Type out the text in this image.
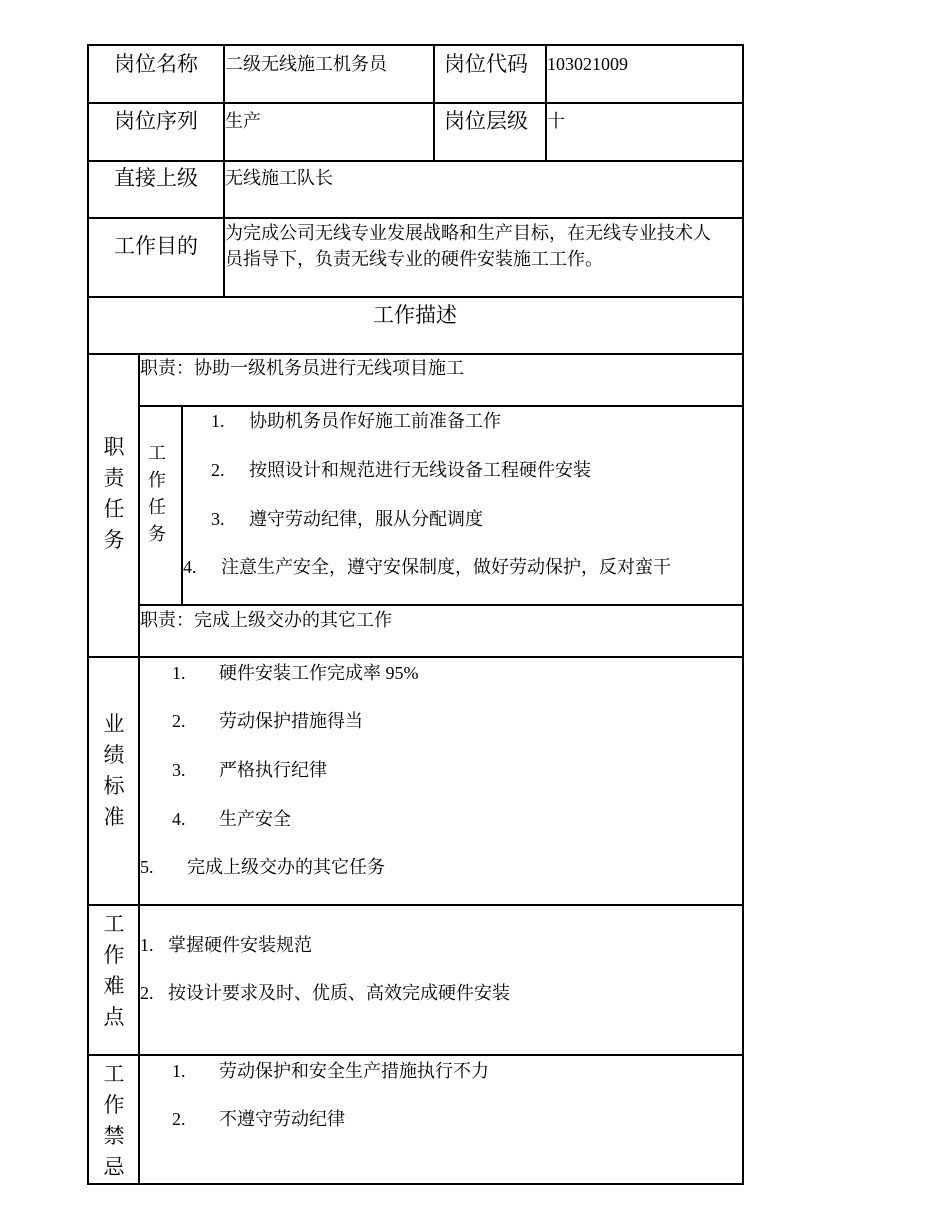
岗位名称 二级无线施工机务员	岗位代码 103021009
岗位序列 生产	岗位层级 十
直接上级 无线施工队长
工作目的
为完成公司无线专业发展战略和生产目标，在无线专业技术人
员指导下，负责无线专业的硬件安装施工工作。
工作描述
职
责
任
务
职责：协助一级机务员进行无线项目施工
工
作
任
务
1. 协助机务员作好施工前准备工作
2. 按照设计和规范进行无线设备工程硬件安装
3. 遵守劳动纪律，服从分配调度
4. 注意生产安全，遵守安保制度，做好劳动保护，反对蛮干
职责：完成上级交办的其它工作
业
绩
标
准
1. 硬件安装工作完成率 95%
2. 劳动保护措施得当
3. 严格执行纪律
4. 生产安全
5. 完成上级交办的其它任务
工
作
难
点
1. 掌握硬件安装规范
2. 按设计要求及时、优质、高效完成硬件安装
工
作
禁
忌
1. 劳动保护和安全生产措施执行不力
2. 不遵守劳动纪律
